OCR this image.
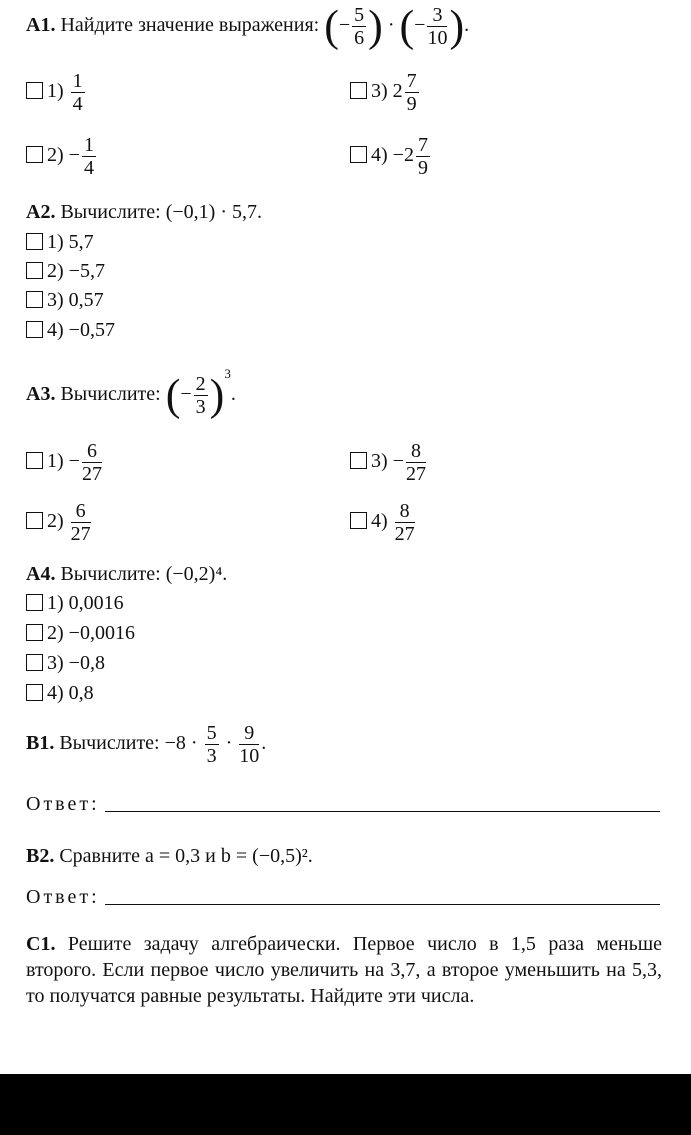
A1. Найдите значение выражения: (− $\frac{5}{6}$ ) · (− $\frac{3}{10}$ ).
$1) \frac{1}{4}$	3) $2 \frac{7}{9}$
$2) - \frac{1}{4}$	$4) -2 \frac{7}{9}$
A2. Вычислите: (−0,1) · 5,7.
1) 5,7
2) −5,7
3) 0,57
4) −0,57
A3. Вычислите: (− $\frac{2}{3} )^3$.
$1) - \frac{6}{27}$	$3) - \frac{8}{27}$
$2) \frac{6}{27}$	$4) \frac{8}{27}$
A4. Вычислите: (−0,2)⁴.
1) 0,0016
2) −0,0016
3) −0,8
4) 0,8
B1. Вычислите: $-8 \cdot \frac{5}{3} \cdot \frac{9}{10}$ .
Ответ:
B2. Сравните a = 0,3 и b = (−0,5)².
Ответ:
C1. Решите задачу алгебраически. Первое число в 1,5 раза меньше второго. Если первое число увеличить на 3,7, а второе уменьшить на 5,3, то получатся равные результаты. Найдите эти числа.
